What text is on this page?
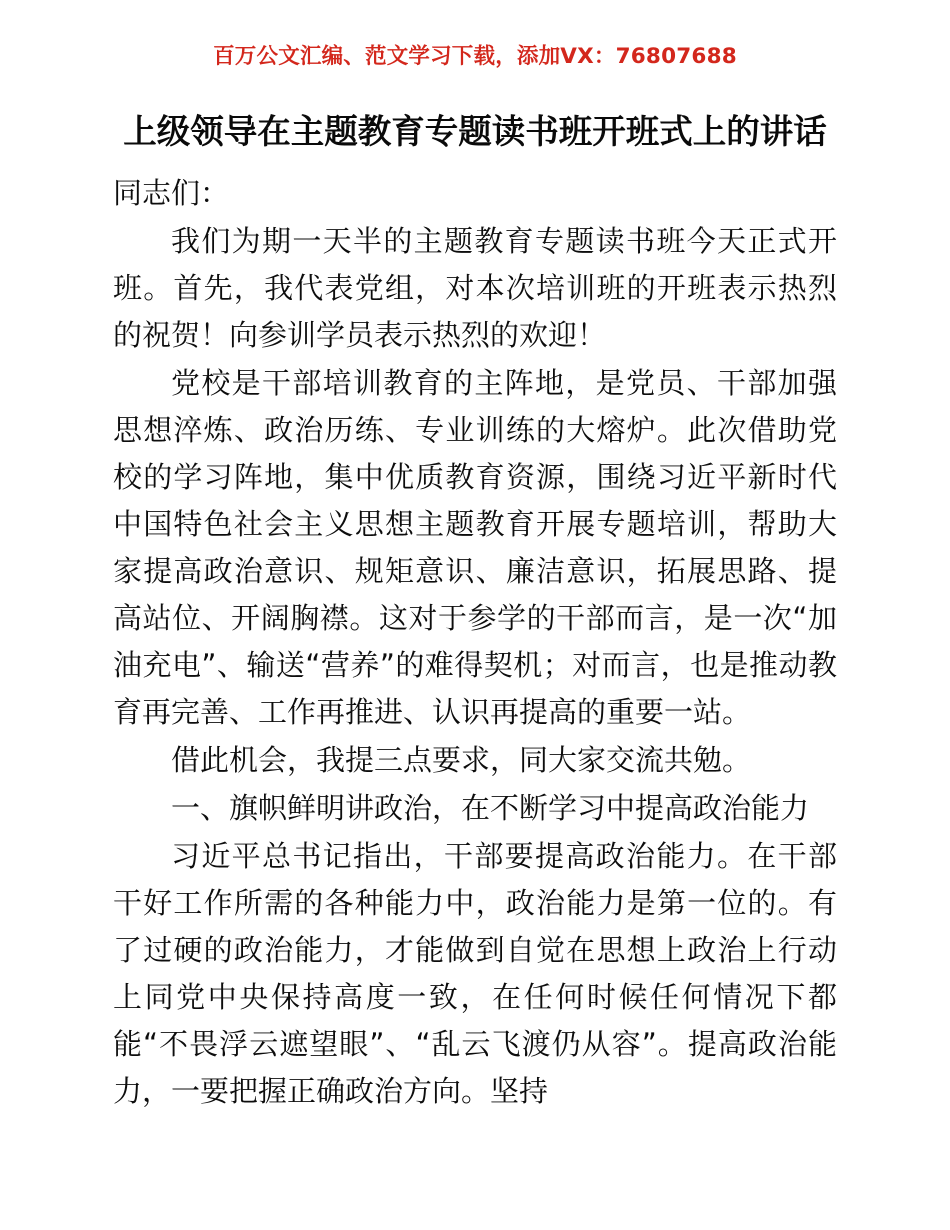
百万公文汇编、范文学习下载，添加VX：76807688
上级领导在主题教育专题读书班开班式上的讲话

同志们：

我们为期一天半的主题教育专题读书班今天正式开班。首先，我代表党组，对本次培训班的开班表示热烈的祝贺！向参训学员表示热烈的欢迎！

党校是干部培训教育的主阵地，是党员、干部加强思想淬炼、政治历练、专业训练的大熔炉。此次借助党校的学习阵地，集中优质教育资源，围绕习近平新时代中国特色社会主义思想主题教育开展专题培训，帮助大家提高政治意识、规矩意识、廉洁意识，拓展思路、提高站位、开阔胸襟。这对于参学的干部而言，是一次“加油充电”、输送“营养”的难得契机；对而言，也是推动教育再完善、工作再推进、认识再提高的重要一站。

借此机会，我提三点要求，同大家交流共勉。

一、旗帜鲜明讲政治，在不断学习中提高政治能力

习近平总书记指出，干部要提高政治能力。在干部干好工作所需的各种能力中，政治能力是第一位的。有了过硬的政治能力，才能做到自觉在思想上政治上行动上同党中央保持高度一致，在任何时候任何情况下都能“不畏浮云遮望眼”、“乱云飞渡仍从容”。提高政治能力，一要把握正确政治方向。坚持
